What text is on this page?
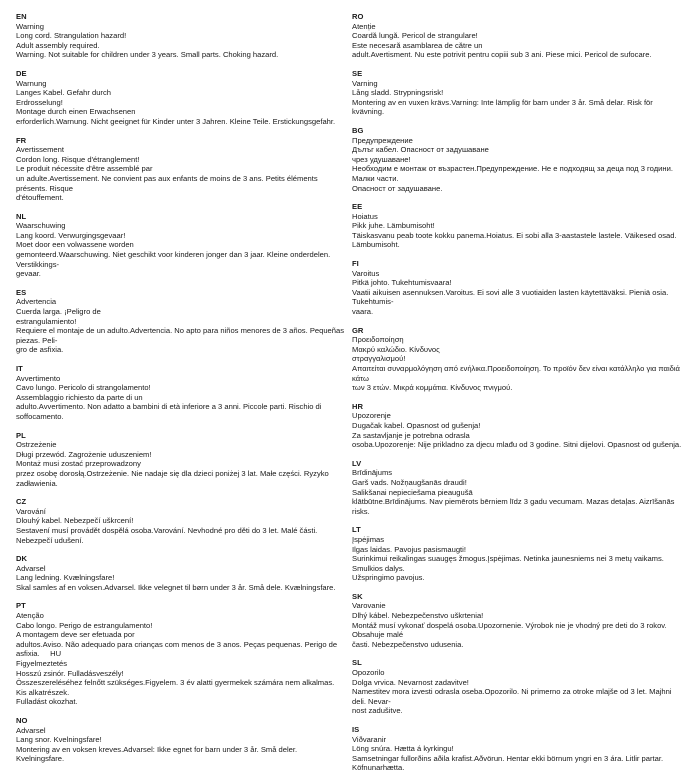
EN
Warning
Long cord. Strangulation hazard!
Adult assembly required.
Warning. Not suitable for children under 3 years. Small parts. Choking hazard.
DE
Warnung
Langes Kabel. Gefahr durch
Erdrosselung!
Montage durch einen Erwachsenen
erforderlich.Warnung. Nicht geeignet für Kinder unter 3 Jahren. Kleine Teile. Erstickungsgefahr.
FR
Avertissement
Cordon long. Risque d'étranglement!
Le produit nécessite d'être assemblé par
un adulte.Avertissement. Ne convient pas aux enfants de moins de 3 ans. Petits éléments présents. Risque
d'étouffement.
NL
Waarschuwing
Lang koord. Verwurgingsgevaar!
Moet door een volwassene worden
gemonteerd.Waarschuwing. Niet geschikt voor kinderen jonger dan 3 jaar. Kleine onderdelen. Verstikkings-
gevaar.
ES
Advertencia
Cuerda larga. ¡Peligro de
estrangulamiento!
Requiere el montaje de un adulto.Advertencia. No apto para niños menores de 3 años. Pequeñas piezas. Peli-
gro de asfixia.
IT
Avvertimento
Cavo lungo. Pericolo di strangolamento!
Assemblaggio richiesto da parte di un
adulto.Avvertimento. Non adatto a bambini di età inferiore a 3 anni. Piccole parti. Rischio di soffocamento.
PL
Ostrzeżenie
Długi przewód. Zagrożenie uduszeniem!
Montaż musi zostać przeprowadzony
przez osobę dorosłą.Ostrzeżenie. Nie nadaje się dla dzieci poniżej 3 lat. Małe części. Ryzyko zadławienia.
CZ
Varování
Dlouhý kabel. Nebezpečí uškrcení!
Sestavení musí provádět dospělá osoba.Varování. Nevhodné pro děti do 3 let. Malé části. Nebezpečí udušení.
DK
Advarsel
Lang ledning. Kvælningsfare!
Skal samles af en voksen.Advarsel. Ikke velegnet til børn under 3 år. Små dele. Kvælningsfare.
PT
Atenção
Cabo longo. Perigo de estrangulamento!
A montagem deve ser efetuada por
adultos.Aviso. Não adequado para crianças com menos de 3 anos. Peças pequenas. Perigo de asfixia.     HU
Figyelmeztetés
Hosszú zsinór. Fulladásveszély!
Összeszereléséhez felnőtt szükséges.Figyelem. 3 év alatti gyermekek számára nem alkalmas. Kis alkatrészek.
Fulladást okozhat.
NO
Advarsel
Lang snor. Kvelningsfare!
Montering av en voksen kreves.Advarsel: Ikke egnet for barn under 3 år. Små deler. Kvelningsfare.
RO
Atenție
Coardă lungă. Pericol de strangulare!
Este necesară asamblarea de către un
adult.Avertisment. Nu este potrivit pentru copiii sub 3 ani. Piese mici. Pericol de sufocare.
SE
Varning
Lång sladd. Strypningsrisk!
Montering av en vuxen krävs.Varning: Inte lämplig för barn under 3 år. Små delar. Risk för kvävning.
BG
Предупреждение
Дълъг кабел. Опасност от задушаване
чрез удушаване!
Необходим е монтаж от възрастен.Предупреждение. Не е подходящ за деца под 3 години. Малки части.
Опасност от задушаване.
EE
Hoiatus
Pikk juhe. Lämbumisoht!
Täiskasvanu peab toote kokku panema.Hoiatus. Ei sobi alla 3-aastastele lastele. Väikesed osad. Lämbumisoht.
FI
Varoitus
Pitkä johto. Tukehtumisvaara!
Vaatii aikuisen asennuksen.Varoitus. Ei sovi alle 3 vuotiaiden lasten käytettäväksi. Pieniä osia. Tukehtumis-
vaara.
GR
Προειδοποίηση
Μακρύ καλώδιο. Κίνδυνος
στραγγαλισμού!
Απαιτείται συναρμολόγηση από ενήλικα.Προειδοποίηση. Το προϊόν δεν είναι κατάλληλο για παιδιά κάτω
των 3 ετών. Μικρά κομμάτια. Κίνδυνος πνιγμού.
HR
Upozorenje
Dugačak kabel. Opasnost od gušenja!
Za sastavljanje je potrebna odrasla
osoba.Upozorenje: Nije prikladno za djecu mlađu od 3 godine. Sitni dijelovi. Opasnost od gušenja.
LV
Brīdinājums
Garš vads. Nožņaugšanās draudi!
Salikšanai nepieciešama pieaugušā
klātbūtne.Brīdinājums. Nav piemērots bērniem līdz 3 gadu vecumam. Mazas detaļas. Aizrīšanās risks.
LT
Įspėjimas
Ilgas laidas. Pavojus pasismaugti!
Surinkimui reikalingas suaugęs žmogus.Įspėjimas. Netinka jaunesniems nei 3 metų vaikams. Smulkios dalys.
Užspringimo pavojus.
SK
Varovanie
Dlhý kábel. Nebezpečenstvo uškrtenia!
Montáž musí vykonať dospelá osoba.Upozornenie. Výrobok nie je vhodný pre deti do 3 rokov. Obsahuje malé
časti. Nebezpečenstvo udusenia.
SL
Opozorilo
Dolga vrvica. Nevarnost zadavitve!
Namestitev mora izvesti odrasla oseba.Opozorilo. Ni primerno za otroke mlajše od 3 let. Majhni deli. Nevar-
nost zadušitve.
IS
Viðvaranir
Löng snúra. Hætta á kyrkingu!
Samsetningar fullorðins aðila krafist.Aðvörun. Hentar ekki börnum yngri en 3 ára. Litlir partar. Köfnunarhætta.
